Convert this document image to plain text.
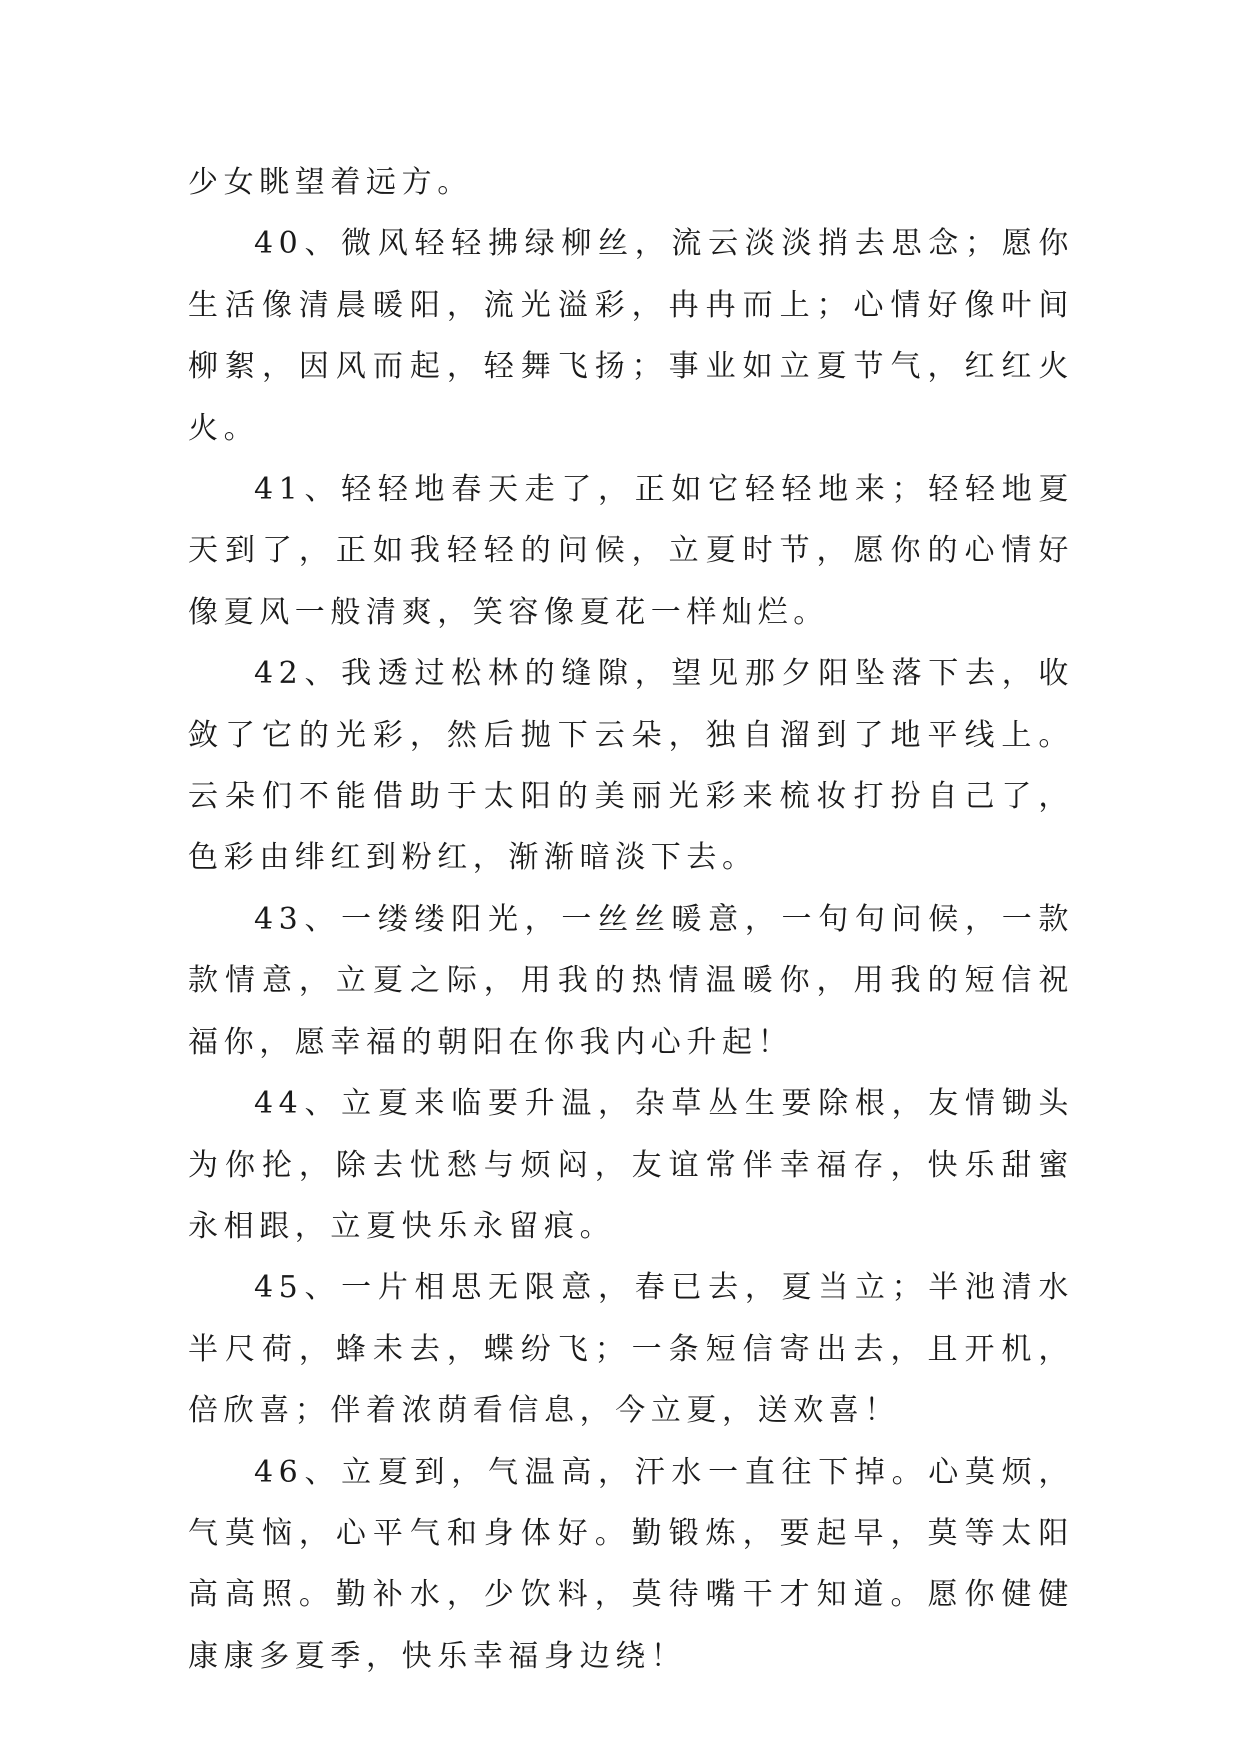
少女眺望着远方。

40、微风轻轻拂绿柳丝，流云淡淡捎去思念；愿你生活像清晨暖阳，流光溢彩，冉冉而上；心情好像叶间柳絮，因风而起，轻舞飞扬；事业如立夏节气，红红火火。

41、轻轻地春天走了，正如它轻轻地来；轻轻地夏天到了，正如我轻轻的问候，立夏时节，愿你的心情好像夏风一般清爽，笑容像夏花一样灿烂。

42、我透过松林的缝隙，望见那夕阳坠落下去，收敛了它的光彩，然后抛下云朵，独自溜到了地平线上。云朵们不能借助于太阳的美丽光彩来梳妆打扮自己了，色彩由绯红到粉红，渐渐暗淡下去。

43、一缕缕阳光，一丝丝暖意，一句句问候，一款款情意，立夏之际，用我的热情温暖你，用我的短信祝福你，愿幸福的朝阳在你我内心升起！

44、立夏来临要升温，杂草丛生要除根，友情锄头为你抡，除去忧愁与烦闷，友谊常伴幸福存，快乐甜蜜永相跟，立夏快乐永留痕。

45、一片相思无限意，春已去，夏当立；半池清水半尺荷，蜂未去，蝶纷飞；一条短信寄出去，且开机，倍欣喜；伴着浓荫看信息，今立夏，送欢喜！

46、立夏到，气温高，汗水一直往下掉。心莫烦，气莫恼，心平气和身体好。勤锻炼，要起早，莫等太阳高高照。勤补水，少饮料，莫待嘴干才知道。愿你健健康康多夏季，快乐幸福身边绕！
